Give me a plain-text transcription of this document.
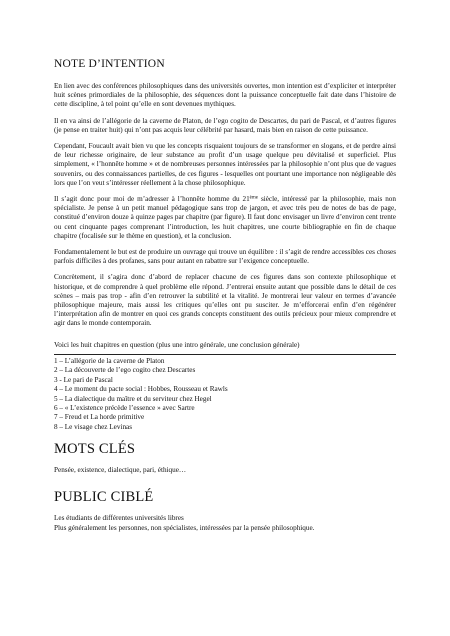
NOTE D’INTENTION

En lien avec des conférences philosophiques dans des universités ouvertes, mon intention est d’expliciter et interpréter huit scènes primordiales de la philosophie, des séquences dont la puissance conceptuelle fait date dans l’histoire de cette discipline, à tel point qu’elle en sont devenues mythiques.

Il en va ainsi de l’allégorie de la caverne de Platon, de l’ego cogito de Descartes, du pari de Pascal, et d’autres figures (je pense en traiter huit) qui n’ont pas acquis leur célébrité par hasard, mais bien en raison de cette puissance.

Cependant, Foucault avait bien vu que les concepts risquaient toujours de se transformer en slogans, et de perdre ainsi de leur richesse originaire, de leur substance au profit d’un usage quelque peu dévitalisé et superficiel. Plus simplement, « l’honnête homme » et de nombreuses personnes intéressées par la philosophie n’ont plus que de vagues souvenirs, ou des connaissances partielles, de ces figures - lesquelles ont pourtant une importance non négligeable dès lors que l’on veut s’intéresser réellement à la chose philosophique.

Il s’agit donc pour moi de m’adresser à l’honnête homme du 21ème siècle, intéressé par la philosophie, mais non spécialiste. Je pense à un petit manuel pédagogique sans trop de jargon, et avec très peu de notes de bas de page, constitué d’environ douze à quinze pages par chapitre (par figure). Il faut donc envisager un livre d’environ cent trente ou cent cinquante pages comprenant l’introduction, les huit chapitres, une courte bibliographie en fin de chaque chapitre (focalisée sur le thème en question), et la conclusion.

Fondamentalement le but est de produire un ouvrage qui trouve un équilibre : il s’agit de rendre accessibles ces choses parfois difficiles à des profanes, sans pour autant en rabattre sur l’exigence conceptuelle.

Concrètement, il s’agira donc d’abord de replacer chacune de ces figures dans son contexte philosophique et historique, et de comprendre à quel problème elle répond. J’entrerai ensuite autant que possible dans le détail de ces scènes – mais pas trop - afin d’en retrouver la subtilité et la vitalité. Je montrerai leur valeur en termes d’avancée philosophique majeure, mais aussi les critiques qu’elles ont pu susciter. Je m’efforcerai enfin d’en régénérer l’interprétation afin de montrer en quoi ces grands concepts constituent des outils précieux pour mieux comprendre et agir dans le monde contemporain.

Voici les huit chapitres en question (plus une intro générale, une conclusion générale)
1 – L’allégorie de la caverne de Platon
2 – La découverte de l’ego cogito chez Descartes
3 - Le pari de Pascal
4 – Le moment du pacte social : Hobbes, Rousseau et Rawls
5 – La dialectique du maître et du serviteur chez Hegel
6 – « L’existence précède l’essence » avec Sartre
7 – Freud et La horde primitive
8 – Le visage chez Levinas
MOTS CLÉS
Pensée, existence, dialectique, pari, éthique…
PUBLIC CIBLÉ
Les étudiants de différentes universités libres
Plus généralement les personnes, non spécialistes, intéressées par la pensée philosophique.
